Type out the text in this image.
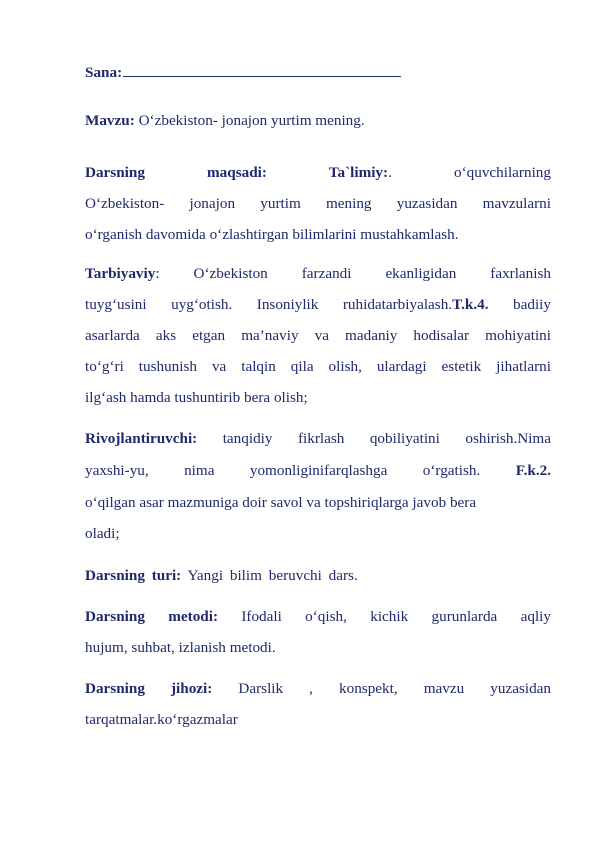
Sana:
Mavzu: O‘zbekiston- jonajon yurtim mening.
Darsning maqsadi: Ta`limiy:. o‘quvchilarning
O‘zbekiston- jonajon yurtim mening yuzasidan mavzularni
o‘rganish davomida o‘zlashtirgan bilimlarini mustahkamlash.
Tarbiyaviy: O‘zbekiston farzandi ekanligidan faxrlanish
tuyg‘usini uyg‘otish. Insoniylik ruhidatarbiyalash.T.k.4. badiiy
asarlarda aks etgan ma’naviy va madaniy hodisalar mohiyatini
to‘g‘ri tushunish va talqin qila olish, ulardagi estetik jihatlarni
ilg‘ash hamda tushuntirib bera olish;
Rivojlantiruvchi: tanqidiy fikrlash qobiliyatini oshirish.Nima
yaxshi-yu, nima yomonliginifarqlashga o‘rgatish. F.k.2.
o‘qilgan asar mazmuniga doir savol va topshiriqlarga javob bera
oladi;
Darsning turi: Yangi bilim beruvchi dars.
Darsning metodi: Ifodali o‘qish, kichik gurunlarda aqliy
hujum, suhbat, izlanish metodi.
Darsning jihozi: Darslik , konspekt, mavzu yuzasidan
tarqatmalar.ko‘rgazmalar
